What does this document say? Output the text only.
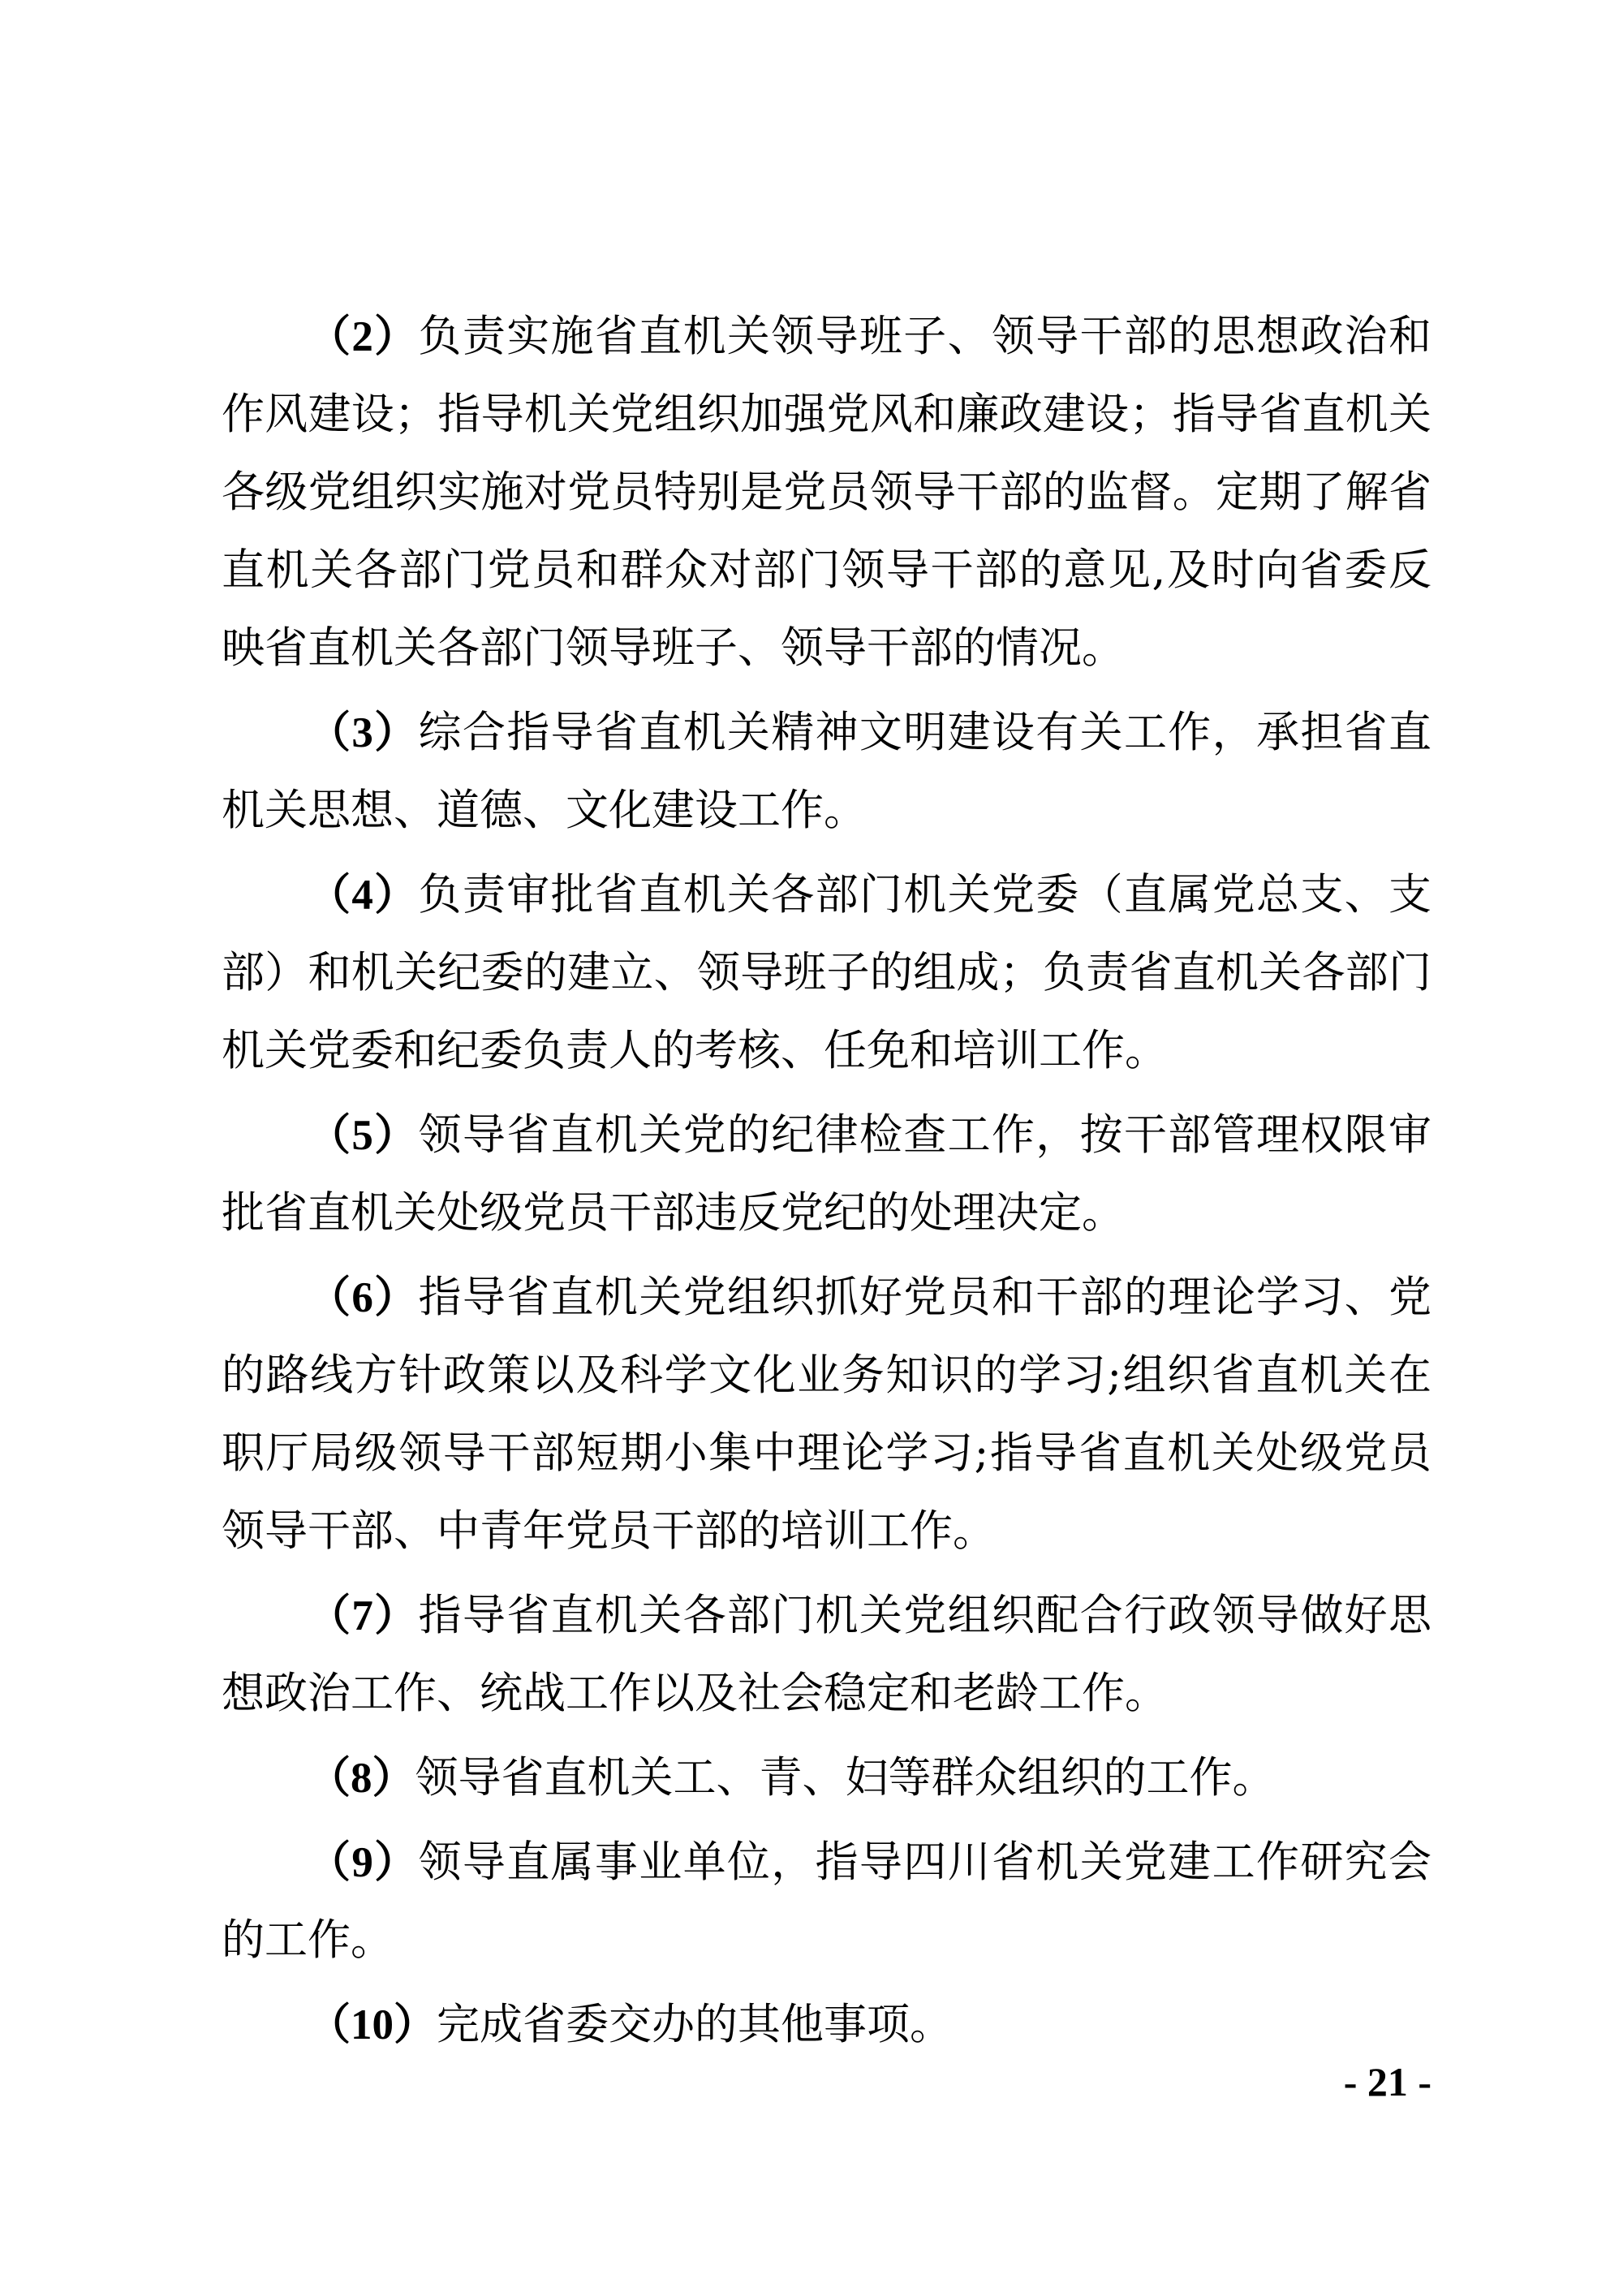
（2）负责实施省直机关领导班子、领导干部的思想政治和作风建设；指导机关党组织加强党风和廉政建设；指导省直机关各级党组织实施对党员特别是党员领导干部的监督。定期了解省直机关各部门党员和群众对部门领导干部的意见,及时向省委反映省直机关各部门领导班子、领导干部的情况。

（3）综合指导省直机关精神文明建设有关工作，承担省直机关思想、道德、文化建设工作。

（4）负责审批省直机关各部门机关党委（直属党总支、支部）和机关纪委的建立、领导班子的组成；负责省直机关各部门机关党委和纪委负责人的考核、任免和培训工作。

（5）领导省直机关党的纪律检查工作，按干部管理权限审批省直机关处级党员干部违反党纪的处理决定。

（6）指导省直机关党组织抓好党员和干部的理论学习、党的路线方针政策以及科学文化业务知识的学习;组织省直机关在职厅局级领导干部短期小集中理论学习;指导省直机关处级党员领导干部、中青年党员干部的培训工作。

（7）指导省直机关各部门机关党组织配合行政领导做好思想政治工作、统战工作以及社会稳定和老龄工作。

（8）领导省直机关工、青、妇等群众组织的工作。

（9）领导直属事业单位，指导四川省机关党建工作研究会的工作。

（10）完成省委交办的其他事项。

- 21 -
